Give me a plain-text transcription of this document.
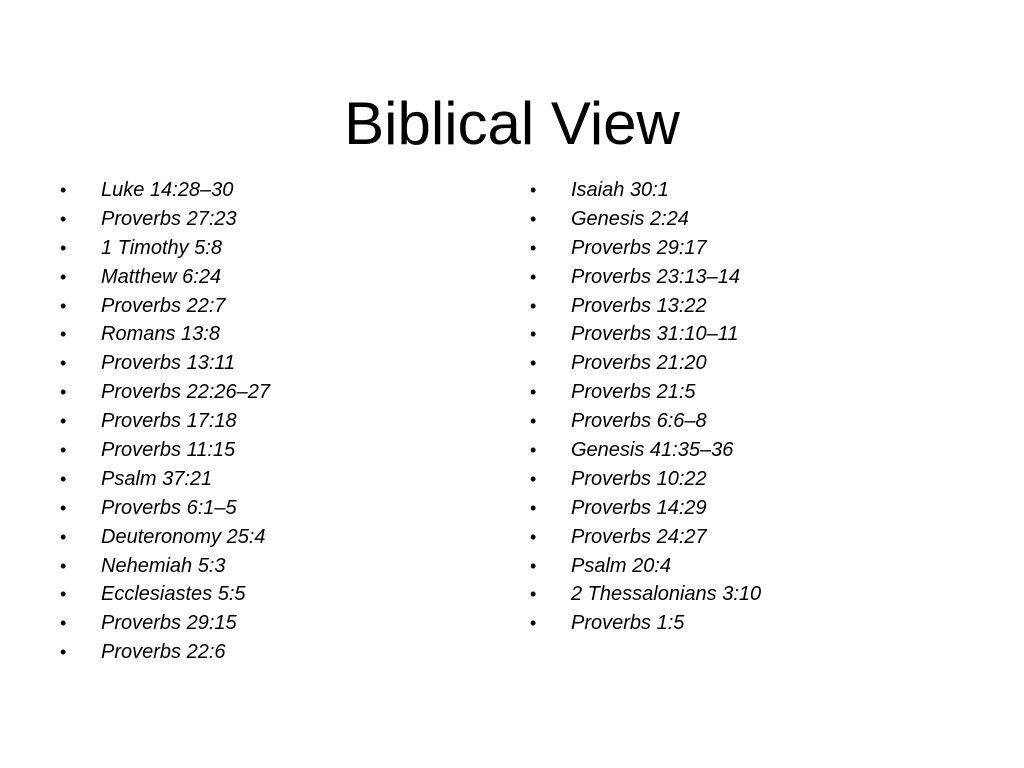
Biblical View
• Luke 14:28–30
• Proverbs 27:23
• 1 Timothy 5:8
• Matthew 6:24
• Proverbs 22:7
• Romans 13:8
• Proverbs 13:11
• Proverbs 22:26–27
• Proverbs 17:18
• Proverbs 11:15
• Psalm 37:21
• Proverbs 6:1–5
• Deuteronomy 25:4
• Nehemiah 5:3
• Ecclesiastes 5:5
• Proverbs 29:15
• Proverbs 22:6
• Isaiah 30:1
• Genesis 2:24
• Proverbs 29:17
• Proverbs 23:13–14
• Proverbs 13:22
• Proverbs 31:10–11
• Proverbs 21:20
• Proverbs 21:5
• Proverbs 6:6–8
• Genesis 41:35–36
• Proverbs 10:22
• Proverbs 14:29
• Proverbs 24:27
• Psalm 20:4
• 2 Thessalonians 3:10
• Proverbs 1:5
